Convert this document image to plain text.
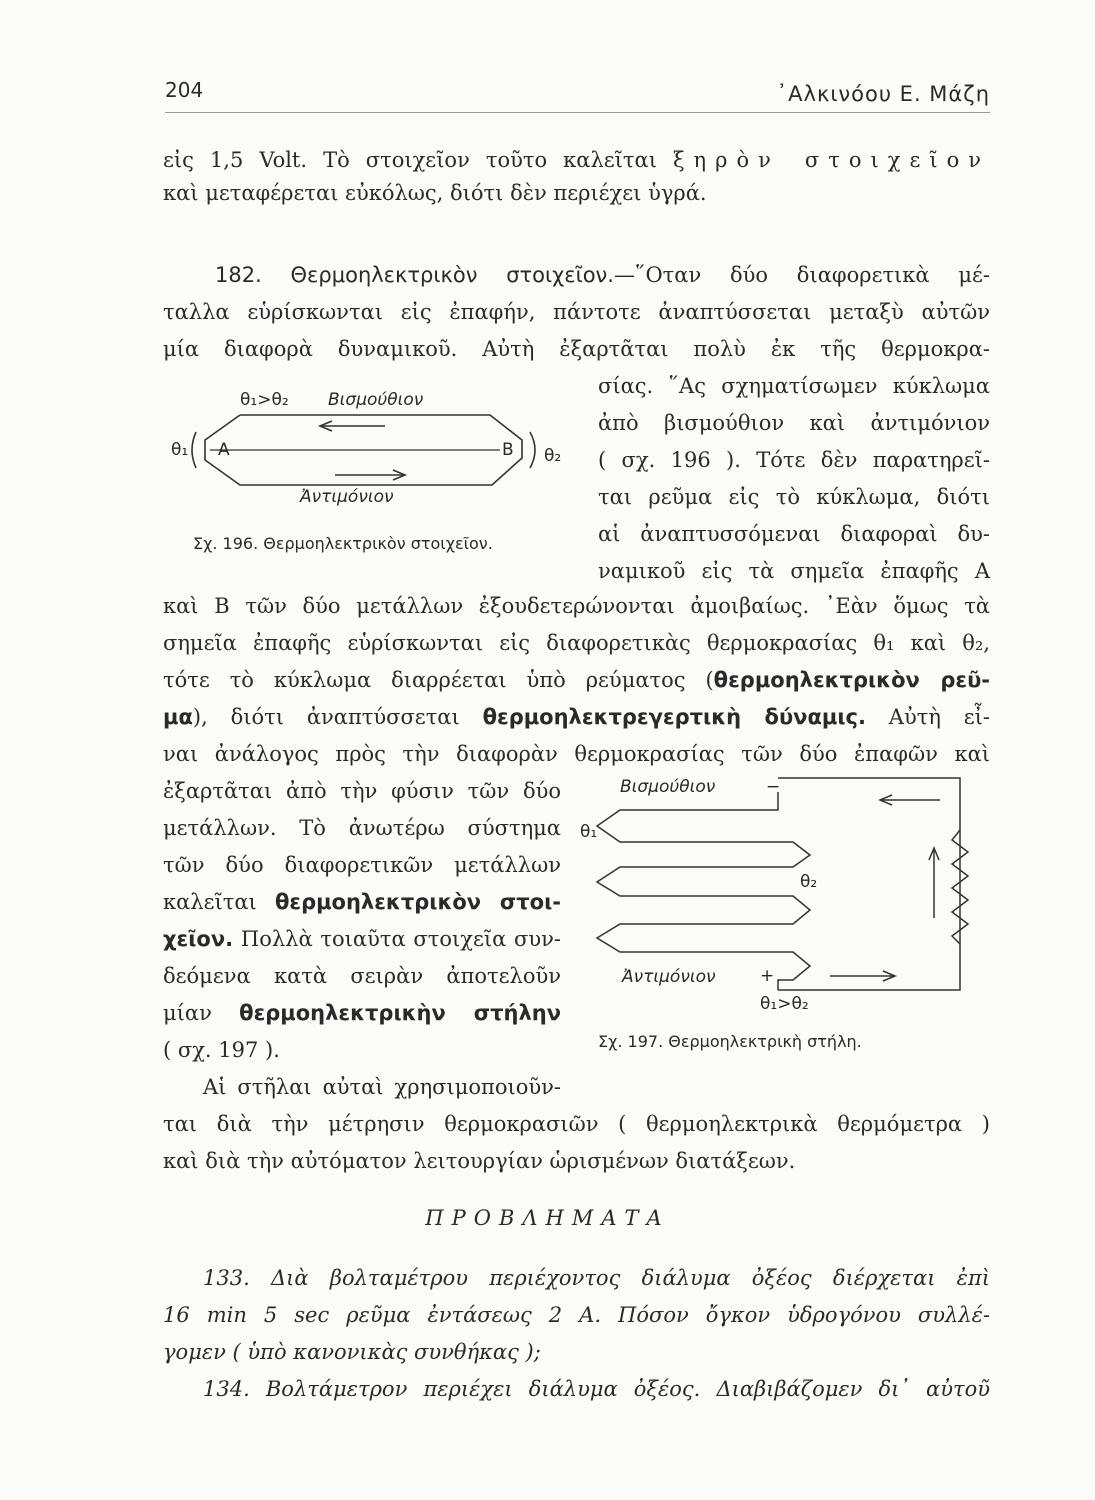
204	᾿Αλκινόου Ε. Μάζη
εἰς 1,5 Volt. Τὸ στοιχεῖον τοῦτο καλεῖται ξηρὸν στοιχεῖον
καὶ μεταφέρεται εὐκόλως, διότι δὲν περιέχει ὑγρά.
182. Θερμοηλεκτρικὸν στοιχεῖον.—῞Οταν δύο διαφορετικὰ μέ-
ταλλα εὑρίσκωνται εἰς ἐπαφήν, πάντοτε ἀναπτύσσεται μεταξὺ αὐτῶν
μία διαφορὰ δυναμικοῦ. Αὐτὴ ἐξαρτᾶται πολὺ ἐκ τῆς θερμοκρα-
σίας. ῞Ας σχηματίσωμεν κύκλωμα
ἀπὸ βισμούθιον καὶ ἀντιμόνιον
( σχ. 196 ). Τότε δὲν παρατηρεῖ-
ται ρεῦμα εἰς τὸ κύκλωμα, διότι
αἱ ἀναπτυσσόμεναι διαφοραὶ δυ-
ναμικοῦ εἰς τὰ σημεῖα ἐπαφῆς Α
θ₁>θ₂ Βισμούθιον
θ₁	θ₂
A	B
Ἀντιμόνιον
Σχ. 196. Θερμοηλεκτρικὸν στοιχεῖον.
καὶ Β τῶν δύο μετάλλων ἐξουδετερώνονται ἀμοιβαίως. ᾿Εὰν ὅμως τὰ
σημεῖα ἐπαφῆς εὑρίσκωνται εἰς διαφορετικὰς θερμοκρασίας θ₁ καὶ θ₂,
τότε τὸ κύκλωμα διαρρέεται ὑπὸ ρεύματος (θερμοηλεκτρικὸν ρεῦ-
μα), διότι ἀναπτύσσεται θερμοηλεκτρεγερτικὴ δύναμις. Αὐτὴ εἶ-
ναι ἀνάλογος πρὸς τὴν διαφορὰν θερμοκρασίας τῶν δύο ἐπαφῶν καὶ
ἐξαρτᾶται ἀπὸ τὴν φύσιν τῶν δύο
μετάλλων. Τὸ ἀνωτέρω σύστημα
τῶν δύο διαφορετικῶν μετάλλων
καλεῖται θερμοηλεκτρικὸν στοι-
χεῖον. Πολλὰ τοιαῦτα στοιχεῖα συν-
δεόμενα κατὰ σειρὰν ἀποτελοῦν
μίαν θερμοηλεκτρικὴν στήλην
( σχ. 197 ).
Αἱ στῆλαι αὐταὶ χρησιμοποιοῦν-
Βισμούθιον	−
θ₁
θ₂
Ἀντιμόνιον	+
θ₁>θ₂
Σχ. 197. Θερμοηλεκτρικὴ στήλη.
ται διὰ τὴν μέτρησιν θερμοκρασιῶν ( θερμοηλεκτρικὰ θερμόμετρα )
καὶ διὰ τὴν αὐτόματον λειτουργίαν ὡρισμένων διατάξεων.
ΠΡΟΒΛΗΜΑΤΑ
133. Διὰ βολταμέτρου περιέχοντος διάλυμα ὀξέος διέρχεται ἐπὶ
16 min 5 sec ρεῦμα ἐντάσεως 2 Α. Πόσον ὄγκον ὑδρογόνου συλλέ-
γομεν ( ὑπὸ κανονικὰς συνθήκας );
134. Βολτάμετρον περιέχει διάλυμα ὀξέος. Διαβιβάζομεν δι᾿ αὐτοῦ
